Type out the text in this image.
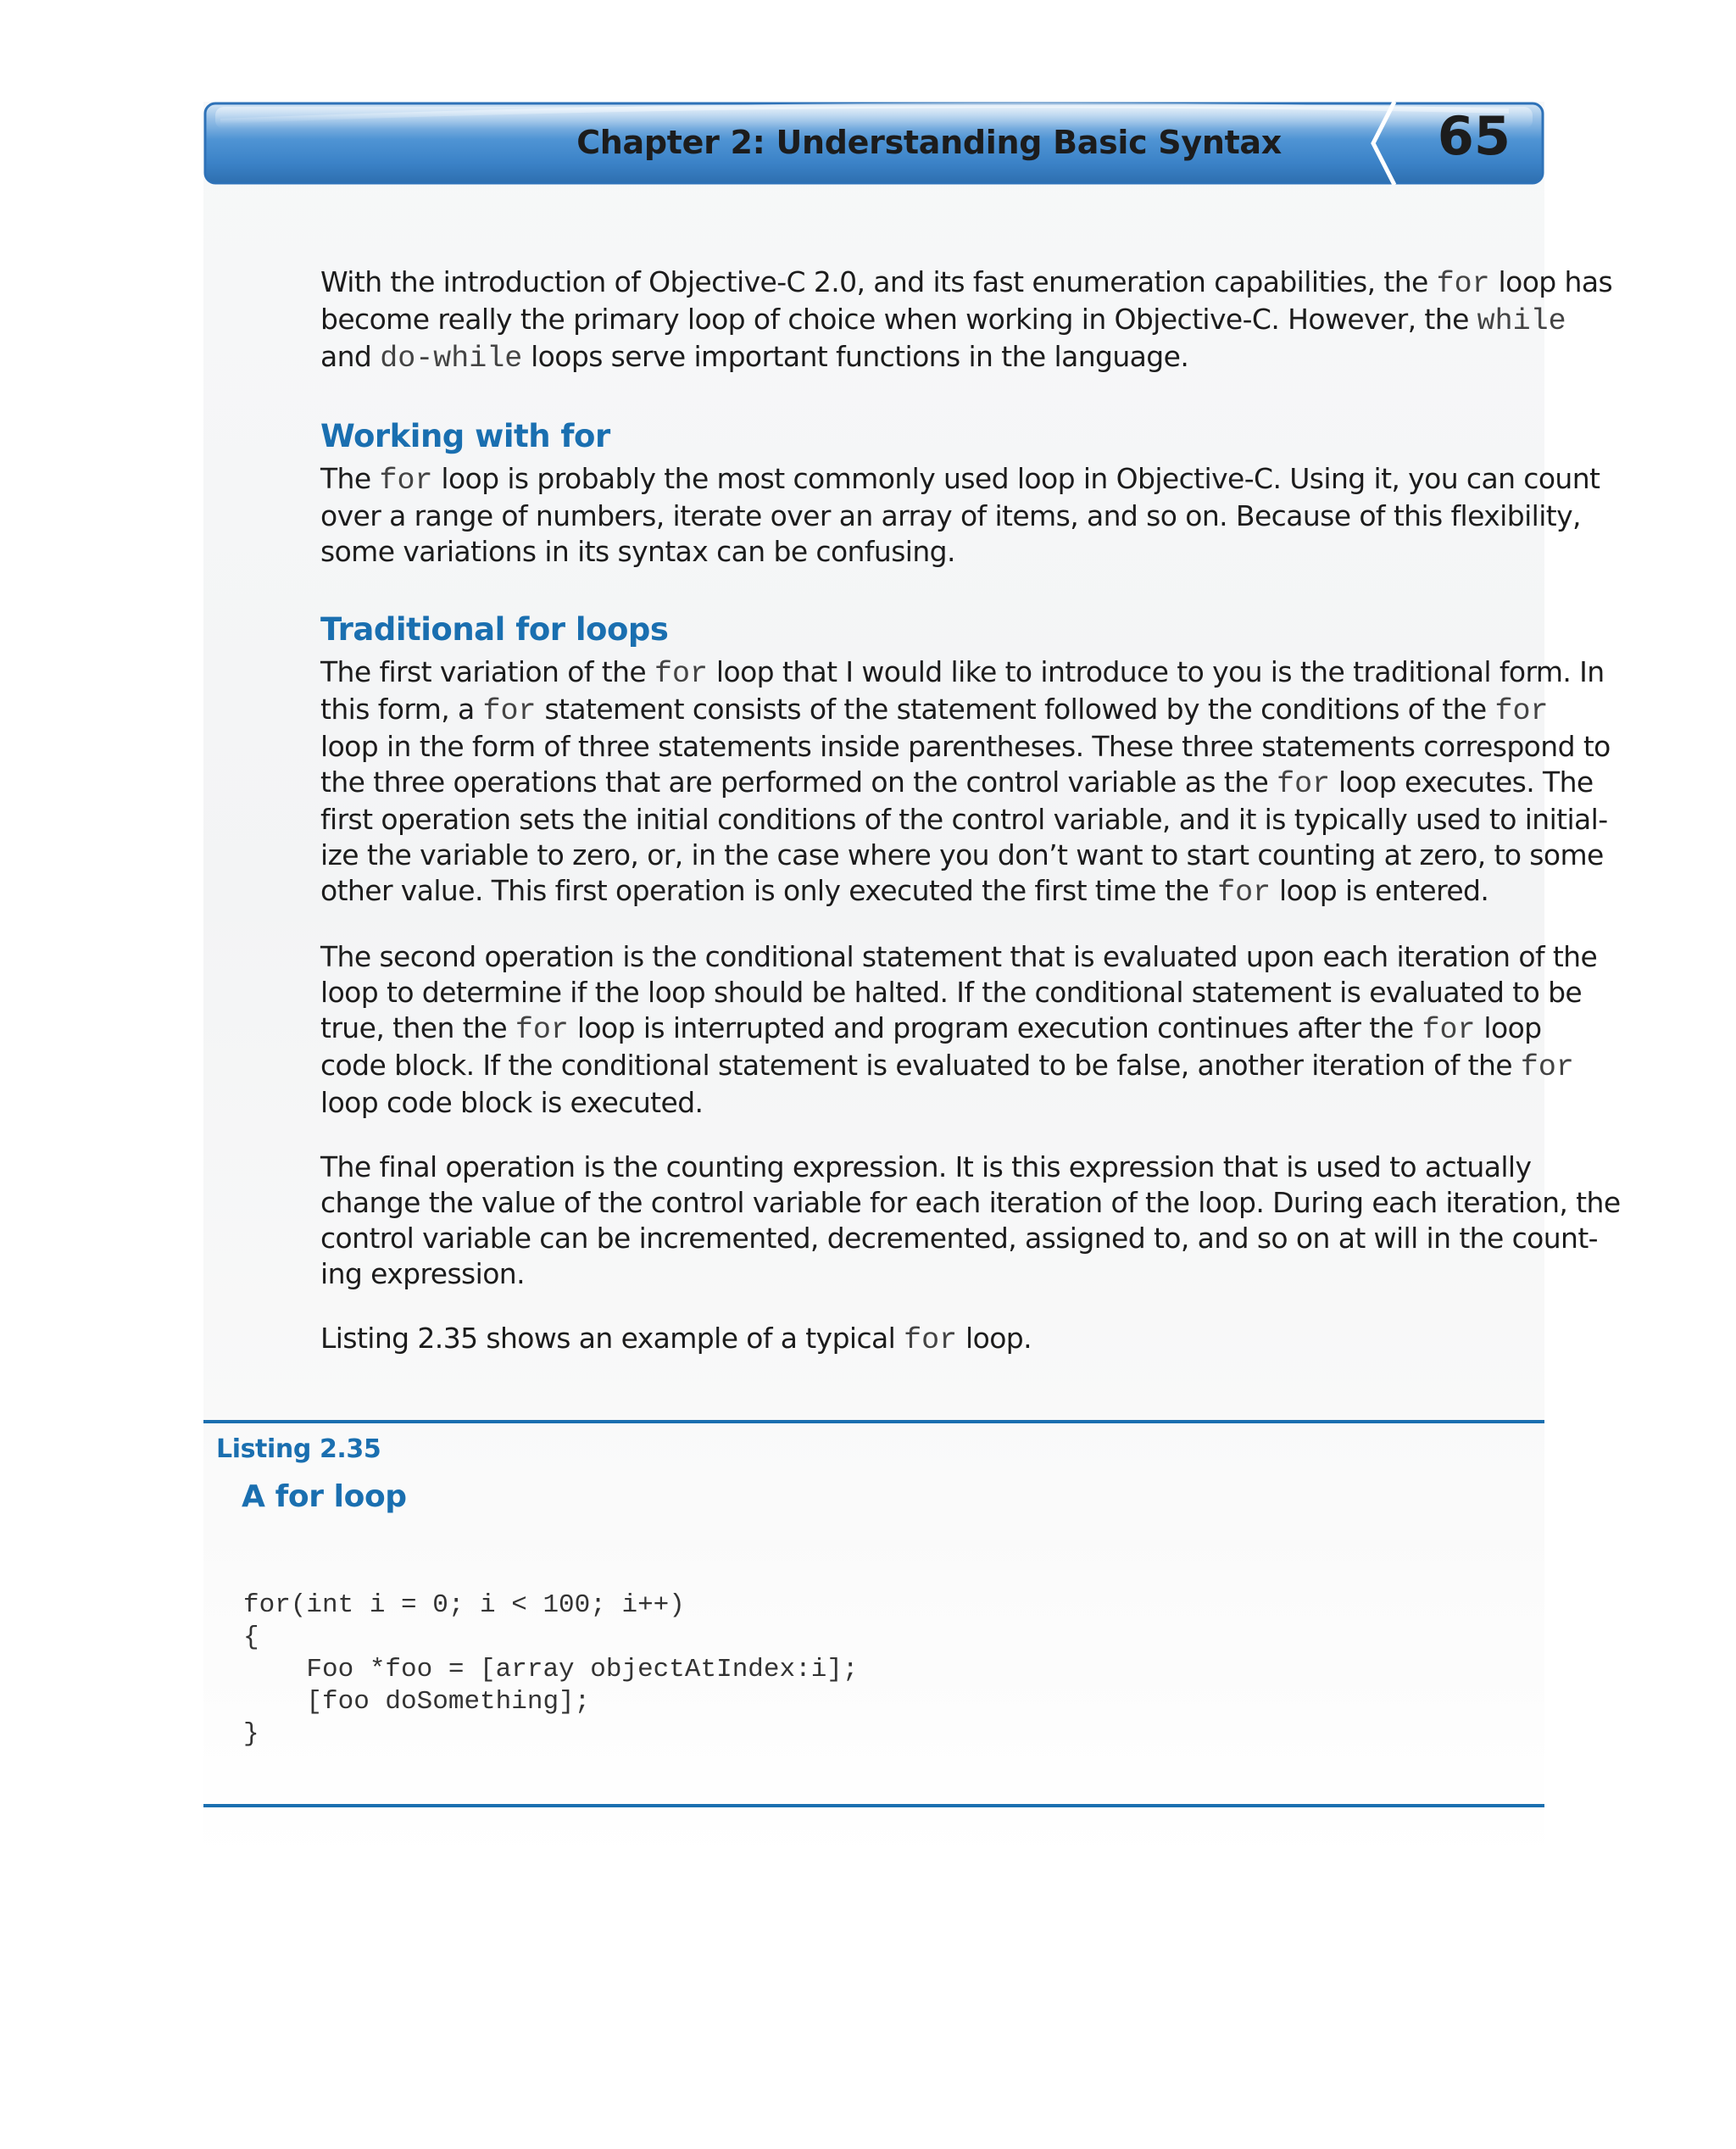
Chapter 2: Understanding Basic Syntax	65

With the introduction of Objective-C 2.0, and its fast enumeration capabilities, the for loop has
become really the primary loop of choice when working in Objective-C. However, the while
and do-while loops serve important functions in the language.

Working with for

The for loop is probably the most commonly used loop in Objective-C. Using it, you can count
over a range of numbers, iterate over an array of items, and so on. Because of this flexibility,
some variations in its syntax can be confusing.

Traditional for loops

The first variation of the for loop that I would like to introduce to you is the traditional form. In
this form, a for statement consists of the statement followed by the conditions of the for
loop in the form of three statements inside parentheses. These three statements correspond to
the three operations that are performed on the control variable as the for loop executes. The
first operation sets the initial conditions of the control variable, and it is typically used to initial-
ize the variable to zero, or, in the case where you don’t want to start counting at zero, to some
other value. This first operation is only executed the first time the for loop is entered.

The second operation is the conditional statement that is evaluated upon each iteration of the
loop to determine if the loop should be halted. If the conditional statement is evaluated to be
true, then the for loop is interrupted and program execution continues after the for loop
code block. If the conditional statement is evaluated to be false, another iteration of the for
loop code block is executed.

The final operation is the counting expression. It is this expression that is used to actually
change the value of the control variable for each iteration of the loop. During each iteration, the
control variable can be incremented, decremented, assigned to, and so on at will in the count-
ing expression.

Listing 2.35 shows an example of a typical for loop.

Listing 2.35
A for loop
for(int i = 0; i < 100; i++)
{
Foo *foo = [array objectAtIndex:i];
[foo doSomething];
}
